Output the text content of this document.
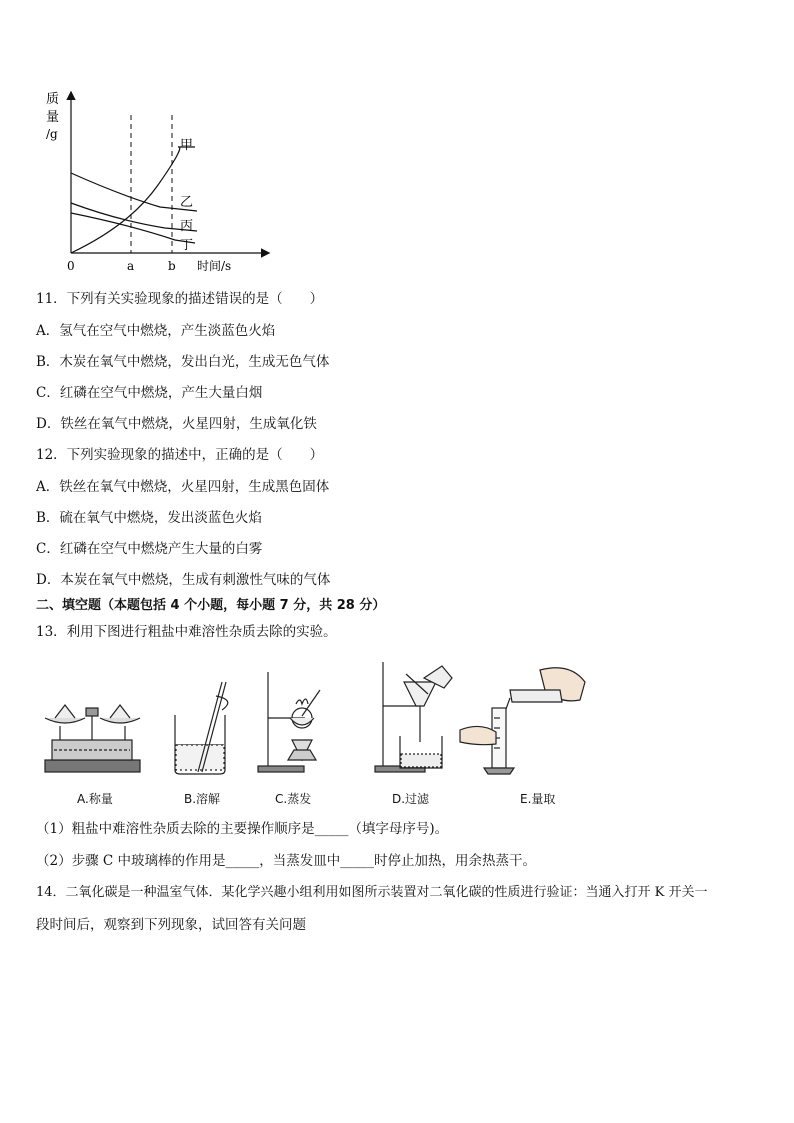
质
量
/g
0	a	b 时间/s
甲
乙
丙
丁
11．下列有关实验现象的描述错误的是（　　）
A．氢气在空气中燃烧，产生淡蓝色火焰
B．木炭在氧气中燃烧，发出白光，生成无色气体
C．红磷在空气中燃烧，产生大量白烟
D．铁丝在氧气中燃烧，火星四射，生成氧化铁
12．下列实验现象的描述中，正确的是（　　）
A．铁丝在氧气中燃烧，火星四射，生成黑色固体
B．硫在氧气中燃烧，发出淡蓝色火焰
C．红磷在空气中燃烧产生大量的白雾
D．本炭在氧气中燃烧，生成有刺激性气味的气体
二、填空题（本题包括 4 个小题，每小题 7 分，共 28 分）
13．利用下图进行粗盐中难溶性杂质去除的实验。
A.称量	B.溶解	C.蒸发	D.过滤	E.量取
（1）粗盐中难溶性杂质去除的主要操作顺序是_____（填字母序号)。
（2）步骤 C 中玻璃棒的作用是_____，当蒸发皿中_____时停止加热，用余热蒸干。
14．二氧化碳是一种温室气体．某化学兴趣小组利用如图所示装置对二氧化碳的性质进行验证：当通入打开 K 开关一
段时间后，观察到下列现象，试回答有关问题
